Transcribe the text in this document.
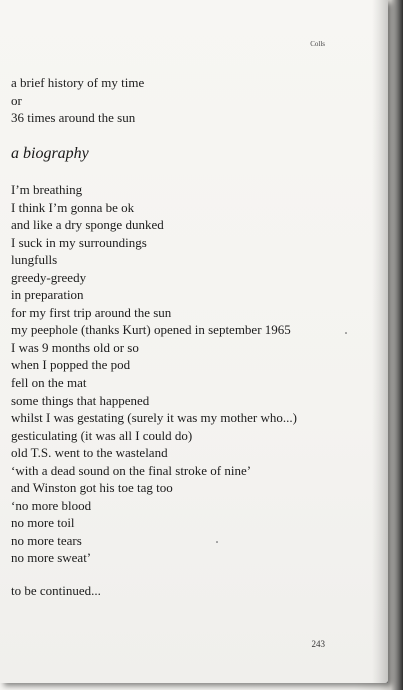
Colls
a brief history of my time
or
36 times around the sun
a biography
I’m breathing
I think I’m gonna be ok
and like a dry sponge dunked
I suck in my surroundings
lungfulls
greedy-greedy
in preparation
for my first trip around the sun
my peephole (thanks Kurt) opened in september 1965
I was 9 months old or so
when I popped the pod
fell on the mat
some things that happened
whilst I was gestating (surely it was my mother who...)
gesticulating (it was all I could do)
old T.S. went to the wasteland
‘with a dead sound on the final stroke of nine’
and Winston got his toe tag too
‘no more blood
no more toil
no more tears
no more sweat’
to be continued...
243
